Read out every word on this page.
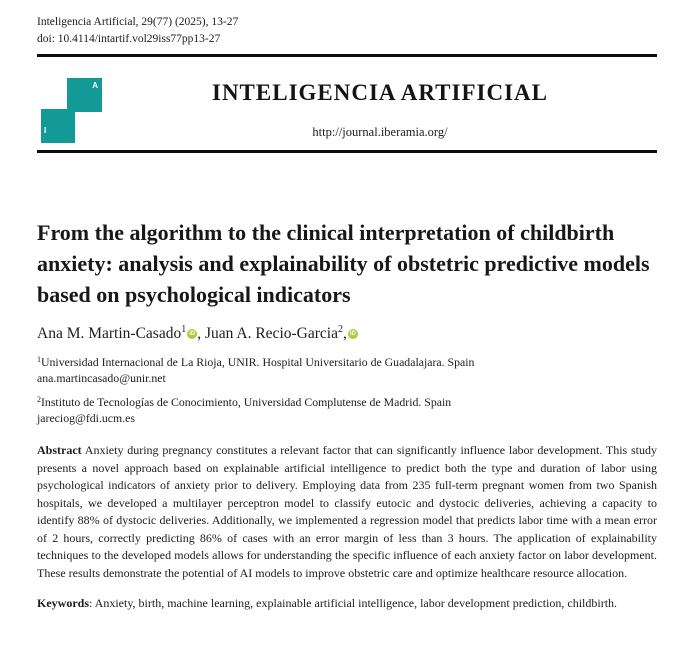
Inteligencia Artificial, 29(77) (2025), 13-27
doi: 10.4114/intartif.vol29iss77pp13-27
A
I
INTELIGENCIA ARTIFICIAL
http://journal.iberamia.org/
From the algorithm to the clinical interpretation of childbirth anxiety: analysis and explainability of obstetric predictive models based on psychological indicators
Ana M. Martin-Casado$^1$ iD , Juan A. Recio-Garcia$^2$, iD
$^1$Universidad Internacional de La Rioja, UNIR. Hospital Universitario de Guadalajara. Spain
ana.martincasado@unir.net
$^2$Instituto de Tecnologías de Conocimiento, Universidad Complutense de Madrid. Spain
jareciog@fdi.ucm.es

Abstract Anxiety during pregnancy constitutes a relevant factor that can significantly influence labor development. This study presents a novel approach based on explainable artificial intelligence to predict both the type and duration of labor using psychological indicators of anxiety prior to delivery. Employing data from 235 full-term pregnant women from two Spanish hospitals, we developed a multilayer perceptron model to classify eutocic and dystocic deliveries, achieving a capacity to identify 88% of dystocic deliveries. Additionally, we implemented a regression model that predicts labor time with a mean error of 2 hours, correctly predicting 86% of cases with an error margin of less than 3 hours. The application of explainability techniques to the developed models allows for understanding the specific influence of each anxiety factor on labor development. These results demonstrate the potential of AI models to improve obstetric care and optimize healthcare resource allocation.

Keywords: Anxiety, birth, machine learning, explainable artificial intelligence, labor development prediction, childbirth.
